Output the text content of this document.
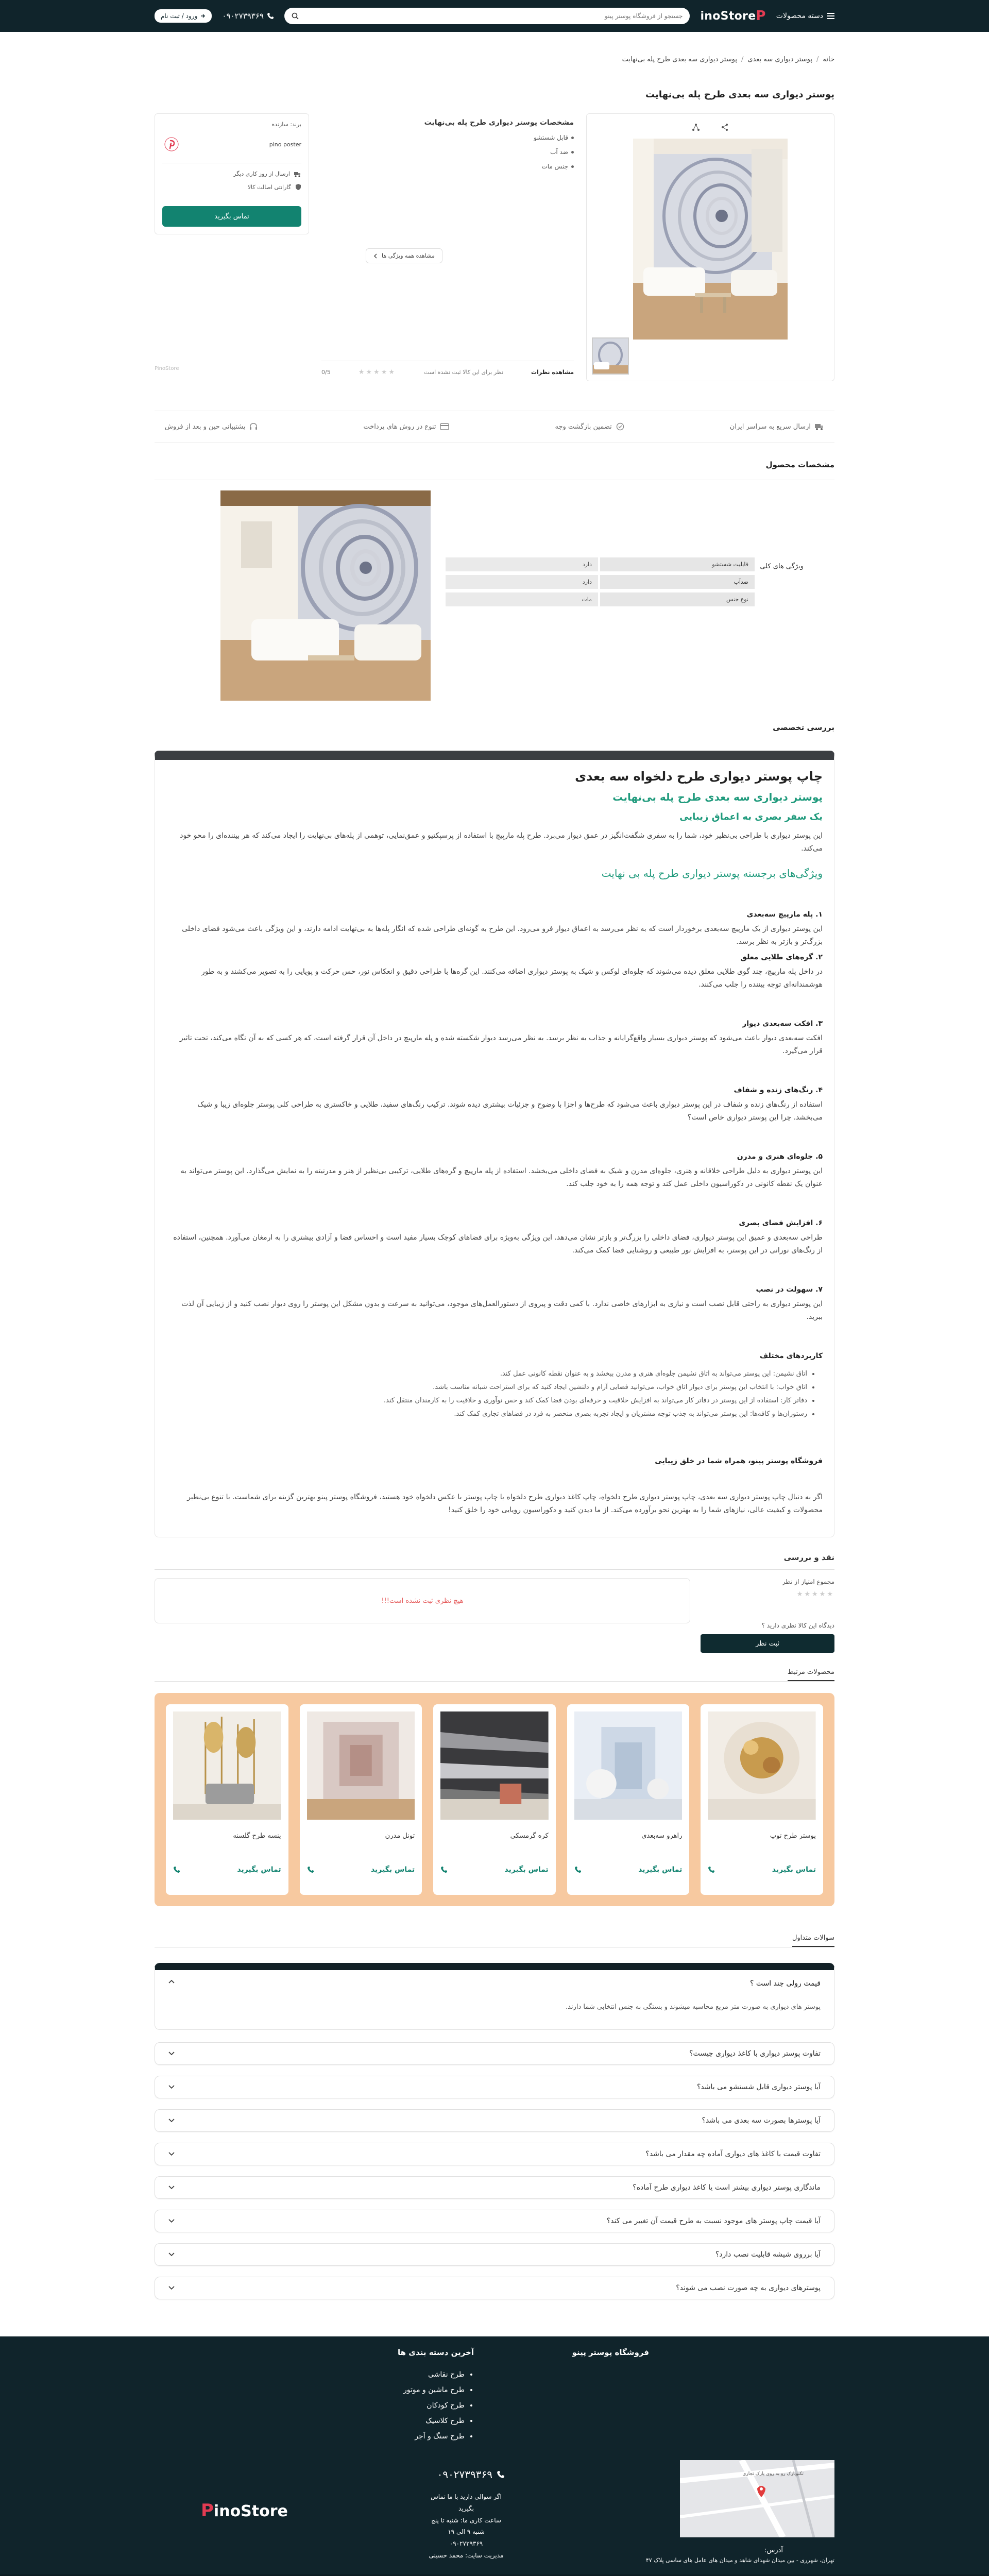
دسته محصولات
P
inoStore
جستجو از فروشگاه پوستر پینو
۰۹۰۲۷۳۹۳۶۹
ورود / ثبت نام
خانه
/
پوستر دیواری سه بعدی
/
پوستر دیواری سه بعدی طرح پله بی‌نهایت
پوستر دیواری سه بعدی طرح پله بی‌نهایت
مشخصات پوستر دیواری طرح پله بی‌نهایت
قابل شستشو
ضد آب
جنس مات
مشاهده همه ویژگی ها
مشاهده نظرات
نظر برای این کالا ثبت نشده است
★★★★★
0/5
برند: سازنده
pino poster
ارسال از روز کاری دیگر
گارانتی اصالت کالا
تماس بگیرید
PinoStore
ارسال سریع به سراسر ایران
تضمین بازگشت وجه
تنوع در روش های پرداخت
پشتیبانی حین و بعد از فروش
مشخصات محصول
ویژگی های کلی
قابلیت شستشو
دارد
ضدآب
دارد
نوع جنس
مات
بررسی تخصصی
چاپ پوستر دیواری طرح دلخواه سه بعدی
پوستر دیواری سه بعدی طرح پله بی‌نهایت
یک سفر بصری به اعماق زیبایی

این پوستر دیواری با طراحی بی‌نظیر خود، شما را به سفری شگفت‌انگیز در عمق دیوار می‌برد. طرح پله مارپیچ با استفاده از پرسپکتیو و عمق‌نمایی، توهمی از پله‌های بی‌نهایت را ایجاد می‌کند که هر بیننده‌ای را محو خود می‌کند.

ویژگی‌های برجسته پوستر دیواری طرح پله بی نهایت
۱. پله مارپیچ سه‌بعدی

این پوستر دیواری از یک مارپیچ سه‌بعدی برخوردار است که به نظر می‌رسد به اعماق دیوار فرو می‌رود. این طرح به گونه‌ای طراحی شده که انگار پله‌ها به بی‌نهایت ادامه دارند، و این ویژگی باعث می‌شود فضای داخلی بزرگ‌تر و بازتر به نظر برسد.

۲. گره‌های طلایی معلق

در داخل پله مارپیچ، چند گوی طلایی معلق دیده می‌شوند که جلوه‌ای لوکس و شیک به پوستر دیواری اضافه می‌کنند. این گره‌ها با طراحی دقیق و انعکاس نور، حس حرکت و پویایی را به تصویر می‌کشند و به طور هوشمندانه‌ای توجه بیننده را جلب می‌کنند.

۳. افکت سه‌بعدی دیوار

افکت سه‌بعدی دیوار باعث می‌شود که پوستر دیواری بسیار واقع‌گرایانه و جذاب به نظر برسد. به نظر می‌رسد دیوار شکسته شده و پله مارپیچ در داخل آن قرار گرفته است، که هر کسی که به آن نگاه می‌کند، تحت تاثیر قرار می‌گیرد.

۴. رنگ‌های زنده و شفاف

استفاده از رنگ‌های زنده و شفاف در این پوستر دیواری باعث می‌شود که طرح‌ها و اجزا با وضوح و جزئیات بیشتری دیده شوند. ترکیب رنگ‌های سفید، طلایی و خاکستری به طراحی کلی پوستر جلوه‌ای زیبا و شیک می‌بخشد. چرا این پوستر دیواری خاص است؟

۵. جلوه‌ای هنری و مدرن

این پوستر دیواری به دلیل طراحی خلاقانه و هنری، جلوه‌ای مدرن و شیک به فضای داخلی می‌بخشد. استفاده از پله مارپیچ و گره‌های طلایی، ترکیبی بی‌نظیر از هنر و مدرنیته را به نمایش می‌گذارد. این پوستر می‌تواند به عنوان یک نقطه کانونی در دکوراسیون داخلی عمل کند و توجه همه را به خود جلب کند.

۶. افزایش فضای بصری

طراحی سه‌بعدی و عمیق این پوستر دیواری، فضای داخلی را بزرگ‌تر و بازتر نشان می‌دهد. این ویژگی به‌ویژه برای فضاهای کوچک بسیار مفید است و احساس فضا و آزادی بیشتری را به ارمغان می‌آورد. همچنین، استفاده از رنگ‌های نورانی در این پوستر، به افزایش نور طبیعی و روشنایی فضا کمک می‌کند.

۷. سهولت در نصب

این پوستر دیواری به راحتی قابل نصب است و نیازی به ابزارهای خاصی ندارد. با کمی دقت و پیروی از دستورالعمل‌های موجود، می‌توانید به سرعت و بدون مشکل این پوستر را روی دیوار نصب کنید و از زیبایی آن لذت ببرید.

کاربردهای مختلف
• اتاق نشیمن: این پوستر می‌تواند به اتاق نشیمن جلوه‌ای هنری و مدرن ببخشد و به عنوان نقطه کانونی عمل کند.
• اتاق خواب: با انتخاب این پوستر برای دیوار اتاق خواب، می‌توانید فضایی آرام و دلنشین ایجاد کنید که برای استراحت شبانه مناسب باشد.
• دفاتر کار: استفاده از این پوستر در دفاتر کار می‌تواند به افزایش خلاقیت و حرفه‌ای بودن فضا کمک کند و حس نوآوری و خلاقیت را به کارمندان منتقل کند.
• رستوران‌ها و کافه‌ها: این پوستر می‌تواند به جذب توجه مشتریان و ایجاد تجربه بصری منحصر به فرد در فضاهای تجاری کمک کند.
فروشگاه پوستر پینو، همراه شما در خلق زیبایی

اگر به دنبال چاپ پوستر دیواری سه بعدی، چاپ پوستر دیواری طرح دلخواه، چاپ کاغذ دیواری طرح دلخواه یا چاپ پوستر با عکس دلخواه خود هستید، فروشگاه پوستر پینو بهترین گزینه برای شماست. با تنوع بی‌نظیر محصولات و کیفیت عالی، نیازهای شما را به بهترین نحو برآورده می‌کند. از ما دیدن کنید و دکوراسیون رویایی خود را خلق کنید!

نقد و بررسی
مجموع امتیاز از نظر
★★★★★
دیدگاه این کالا نظری دارید ؟
ثبت نظر
هیچ نظری ثبت نشده است!!!
محصولات مرتبط
پوستر طرح توپ
تماس بگیرید
راهرو سه‌بعدی
تماس بگیرید
کره گرمسکی
تماس بگیرید
تونل مدرن
تماس بگیرید
پنسه طرح گلسنه
تماس بگیرید
سوالات متداول
قیمت رولی چند است ؟
پوستر های دیواری به صورت متر مربع محاسبه میشوند و بستگی به جنس انتخابی شما دارند.
تفاوت پوستر دیواری با کاغذ دیواری چیست؟
آیا پوستر دیواری قابل شستشو می باشد؟
آیا پوسترها بصورت سه بعدی می باشد؟
تفاوت قیمت با کاغذ های دیواری آماده چه مقدار می باشد؟
ماندگاری پوستر دیواری بیشتر است یا کاغذ دیواری طرح آماده؟
آیا قیمت چاپ پوستر های موجود نسبت به طرح قیمت آن تغییر می کند؟
آیا برروی شیشه قابلیت نصب دارد؟
پوسترهای دیواری به چه صورت نصب می شوند؟
فروشگاه پوستر پینو
آخرین دسته بندی ها
• طرح نقاشی
• طرح ماشین و موتور
• طرح کودکان
• طرح کلاسیک
• طرح سنگ و آجر
۰۹۰۲۷۳۹۳۶۹
اگر سوالی دارید با ما تماس بگیرید
ساعت کاری ما: شنبه تا پنج شنبه ۹ الی ۱۹
۰۹۰۲۷۳۹۳۶۹
مدیریت سایت: محمد حسینی
تکنوپارک رو به روی پارک تجاری
آدرس:
تهران، شهرری - بین میدان شهدای شاهد و میدان های عامل های ساسی پلاک ۴۷
PinoStore
